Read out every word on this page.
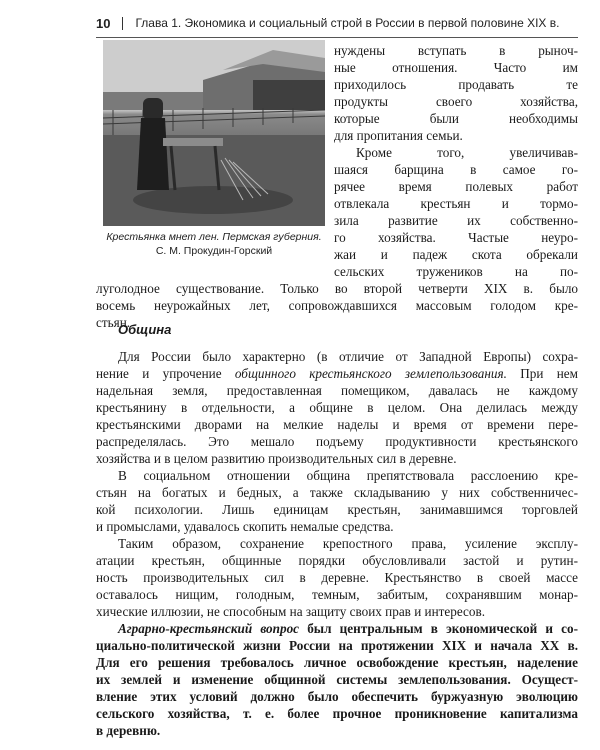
10 Глава 1. Экономика и социальный строй в России в первой половине XIX в.
Крестьянка мнет лен. Пермская губерния.
С. М. Прокудин-Горский
нуждены вступать в рыноч-
ные отношения. Часто им
приходилось продавать те
продукты своего хозяйства,
которые были необходимы
для пропитания семьи.
Кроме того, увеличивав-
шаяся барщина в самое го-
рячее время полевых работ
отвлекала крестьян и тормо-
зила развитие их собственно-
го хозяйства. Частые неуро-
жаи и падеж скота обрекали
сельских тружеников на по-
луголодное существование. Только во второй четверти XIX в. было
восемь неурожайных лет, сопровождавшихся массовым голодом кре-
стьян.
Община
Для России было характерно (в отличие от Западной Европы) сохра-
нение и упрочение общинного крестьянского землепользования. При нем
надельная земля, предоставленная помещиком, давалась не каждому
крестьянину в отдельности, а общине в целом. Она делилась между
крестьянскими дворами на мелкие наделы и время от времени пере-
распределялась. Это мешало подъему продуктивности крестьянского
хозяйства и в целом развитию производительных сил в деревне.
В социальном отношении община препятствовала расслоению кре-
стьян на богатых и бедных, а также складыванию у них собственничес-
кой психологии. Лишь единицам крестьян, занимавшимся торговлей
и промыслами, удавалось скопить немалые средства.
Таким образом, сохранение крепостного права, усиление эксплу-
атации крестьян, общинные порядки обусловливали застой и рутин-
ность производительных сил в деревне. Крестьянство в своей массе
оставалось нищим, голодным, темным, забитым, сохранявшим монар-
хические иллюзии, не способным на защиту своих прав и интересов.
Аграрно-крестьянский вопрос был центральным в экономической и со-
циально-политической жизни России на протяжении XIX и начала XX в.
Для его решения требовалось личное освобождение крестьян, наделение
их землей и изменение общинной системы землепользования. Осущест-
вление этих условий должно было обеспечить буржуазную эволюцию
сельского хозяйства, т. е. более прочное проникновение капитализма
в деревню.
